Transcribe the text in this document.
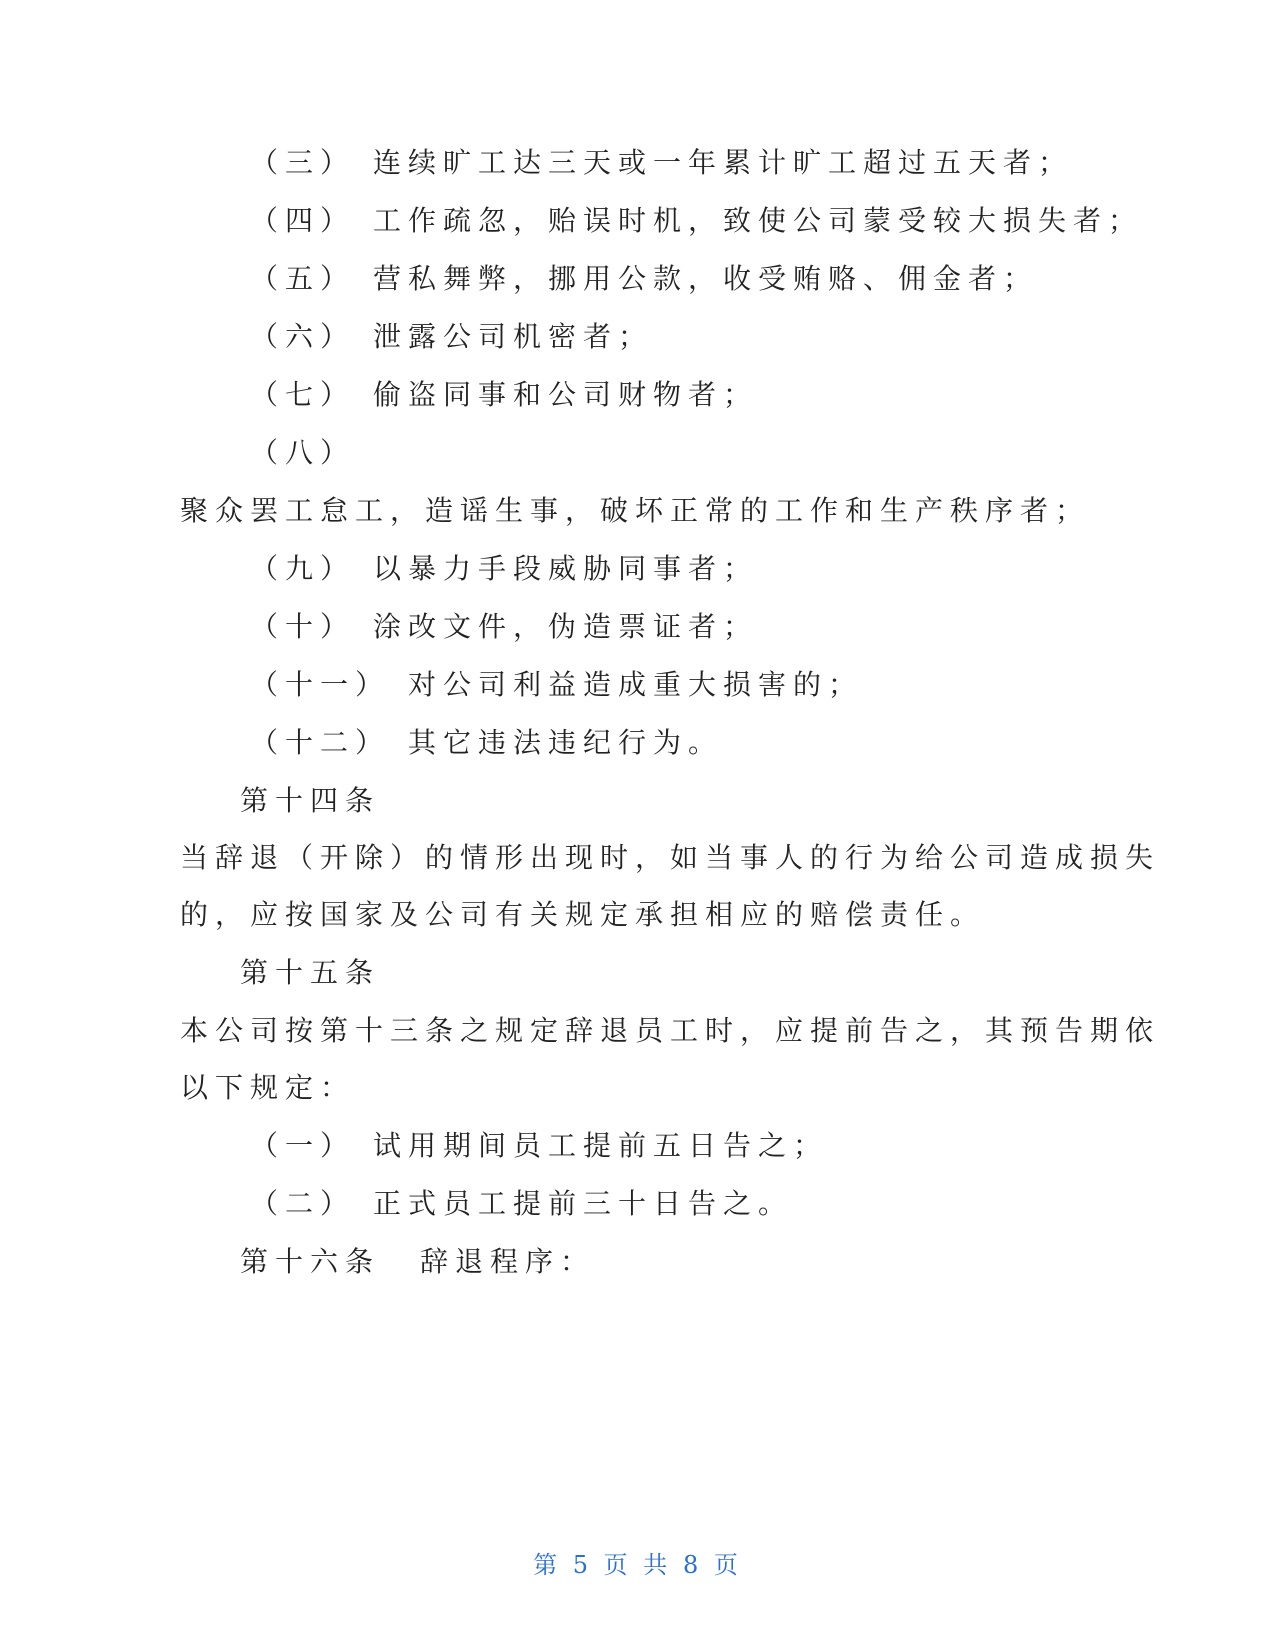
（三） 连续旷工达三天或一年累计旷工超过五天者；
（四） 工作疏忽，贻误时机，致使公司蒙受较大损失者；
（五） 营私舞弊，挪用公款，收受贿赂、佣金者；
（六） 泄露公司机密者；
（七） 偷盗同事和公司财物者；
（八）
聚众罢工怠工，造谣生事，破坏正常的工作和生产秩序者；
（九） 以暴力手段威胁同事者；
（十） 涂改文件，伪造票证者；
（十一） 对公司利益造成重大损害的；
（十二） 其它违法违纪行为。
第十四条
当辞退（开除）的情形出现时，如当事人的行为给公司造成损失
的，应按国家及公司有关规定承担相应的赔偿责任。
第十五条
本公司按第十三条之规定辞退员工时，应提前告之，其预告期依
以下规定：
（一） 试用期间员工提前五日告之；
（二） 正式员工提前三十日告之。
第十六条 辞退程序：
第 5 页 共 8 页
